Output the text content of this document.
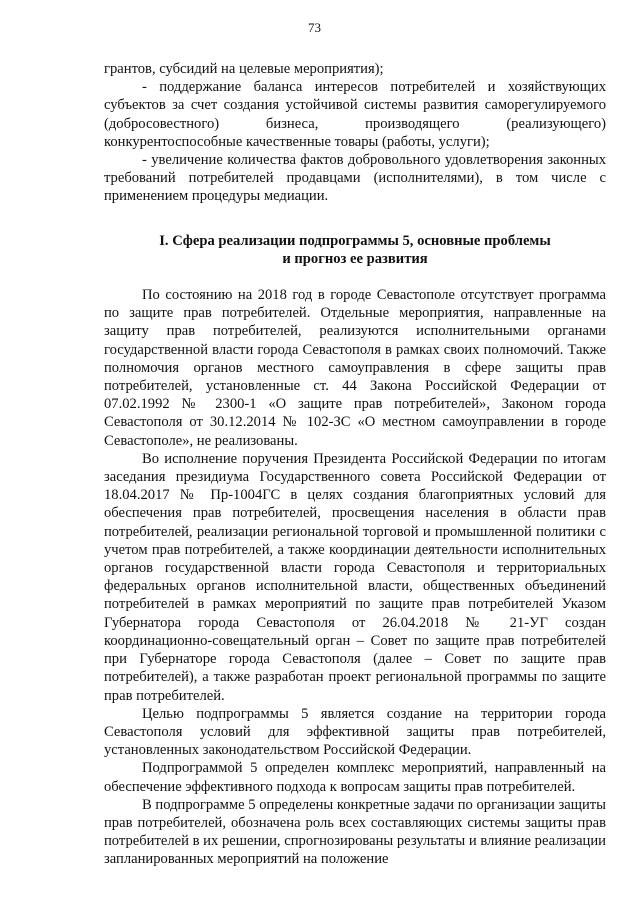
73

грантов, субсидий на целевые мероприятия);

- поддержание баланса интересов потребителей и хозяйствующих субъектов за счет создания устойчивой системы развития саморегулируемого (добросовестного) бизнеса, производящего (реализующего) конкурентоспособные качественные товары (работы, услуги);

- увеличение количества фактов добровольного удовлетворения законных требований потребителей продавцами (исполнителями), в том числе с применением процедуры медиации.

I. Сфера реализации подпрограммы 5, основные проблемы
и прогноз ее развития

По состоянию на 2018 год в городе Севастополе отсутствует программа по защите прав потребителей. Отдельные мероприятия, направленные на защиту прав потребителей, реализуются исполнительными органами государственной власти города Севастополя в рамках своих полномочий. Также полномочия органов местного самоуправления в сфере защиты прав потребителей, установленные ст. 44 Закона Российской Федерации от 07.02.1992 № 2300-1 «О защите прав потребителей», Законом города Севастополя от 30.12.2014 № 102-ЗС «О местном самоуправлении в городе Севастополе», не реализованы.

Во исполнение поручения Президента Российской Федерации по итогам заседания президиума Государственного совета Российской Федерации от 18.04.2017 № Пр-1004ГС в целях создания благоприятных условий для обеспечения прав потребителей, просвещения населения в области прав потребителей, реализации региональной торговой и промышленной политики с учетом прав потребителей, а также координации деятельности исполнительных органов государственной власти города Севастополя и территориальных федеральных органов исполнительной власти, общественных объединений потребителей в рамках мероприятий по защите прав потребителей Указом Губернатора города Севастополя от 26.04.2018 № 21-УГ создан координационно-совещательный орган – Совет по защите прав потребителей при Губернаторе города Севастополя (далее – Совет по защите прав потребителей), а также разработан проект региональной программы по защите прав потребителей.

Целью подпрограммы 5 является создание на территории города Севастополя условий для эффективной защиты прав потребителей, установленных законодательством Российской Федерации.

Подпрограммой 5 определен комплекс мероприятий, направленный на обеспечение эффективного подхода к вопросам защиты прав потребителей.

В подпрограмме 5 определены конкретные задачи по организации защиты прав потребителей, обозначена роль всех составляющих системы защиты прав потребителей в их решении, спрогнозированы результаты и влияние реализации запланированных мероприятий на положение
